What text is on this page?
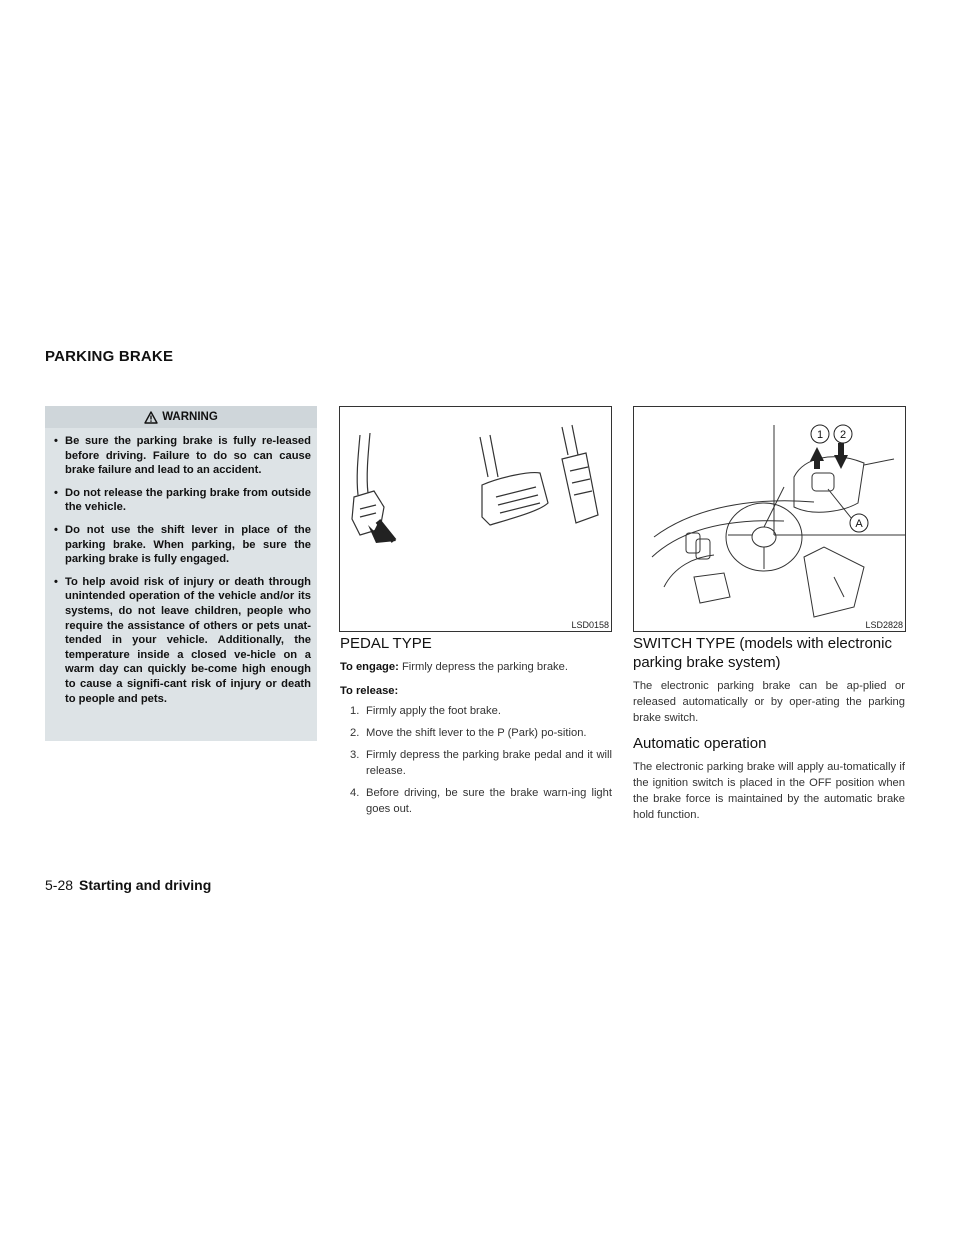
PARKING BRAKE
WARNING
• Be sure the parking brake is fully re-leased before driving. Failure to do so can cause brake failure and lead to an accident.
• Do not release the parking brake from outside the vehicle.
• Do not use the shift lever in place of the parking brake. When parking, be sure the parking brake is fully engaged.
• To help avoid risk of injury or death through unintended operation of the vehicle and/or its systems, do not leave children, people who require the assistance of others or pets unat-tended in your vehicle. Additionally, the temperature inside a closed ve-hicle on a warm day can quickly be-come high enough to cause a signifi-cant risk of injury or death to people and pets.
LSD0158
1 2
A
LSD2828
PEDAL TYPE

To engage: Firmly depress the parking brake.

To release:

1. Firmly apply the foot brake.
2. Move the shift lever to the P (Park) po-sition.
3. Firmly depress the parking brake pedal and it will release.
4. Before driving, be sure the brake warn-ing light goes out.
SWITCH TYPE (models with electronic parking brake system)

The electronic parking brake can be ap-plied or released automatically or by oper-ating the parking brake switch.

Automatic operation

The electronic parking brake will apply au-tomatically if the ignition switch is placed in the OFF position when the brake force is maintained by the automatic brake hold function.

5-28 Starting and driving
